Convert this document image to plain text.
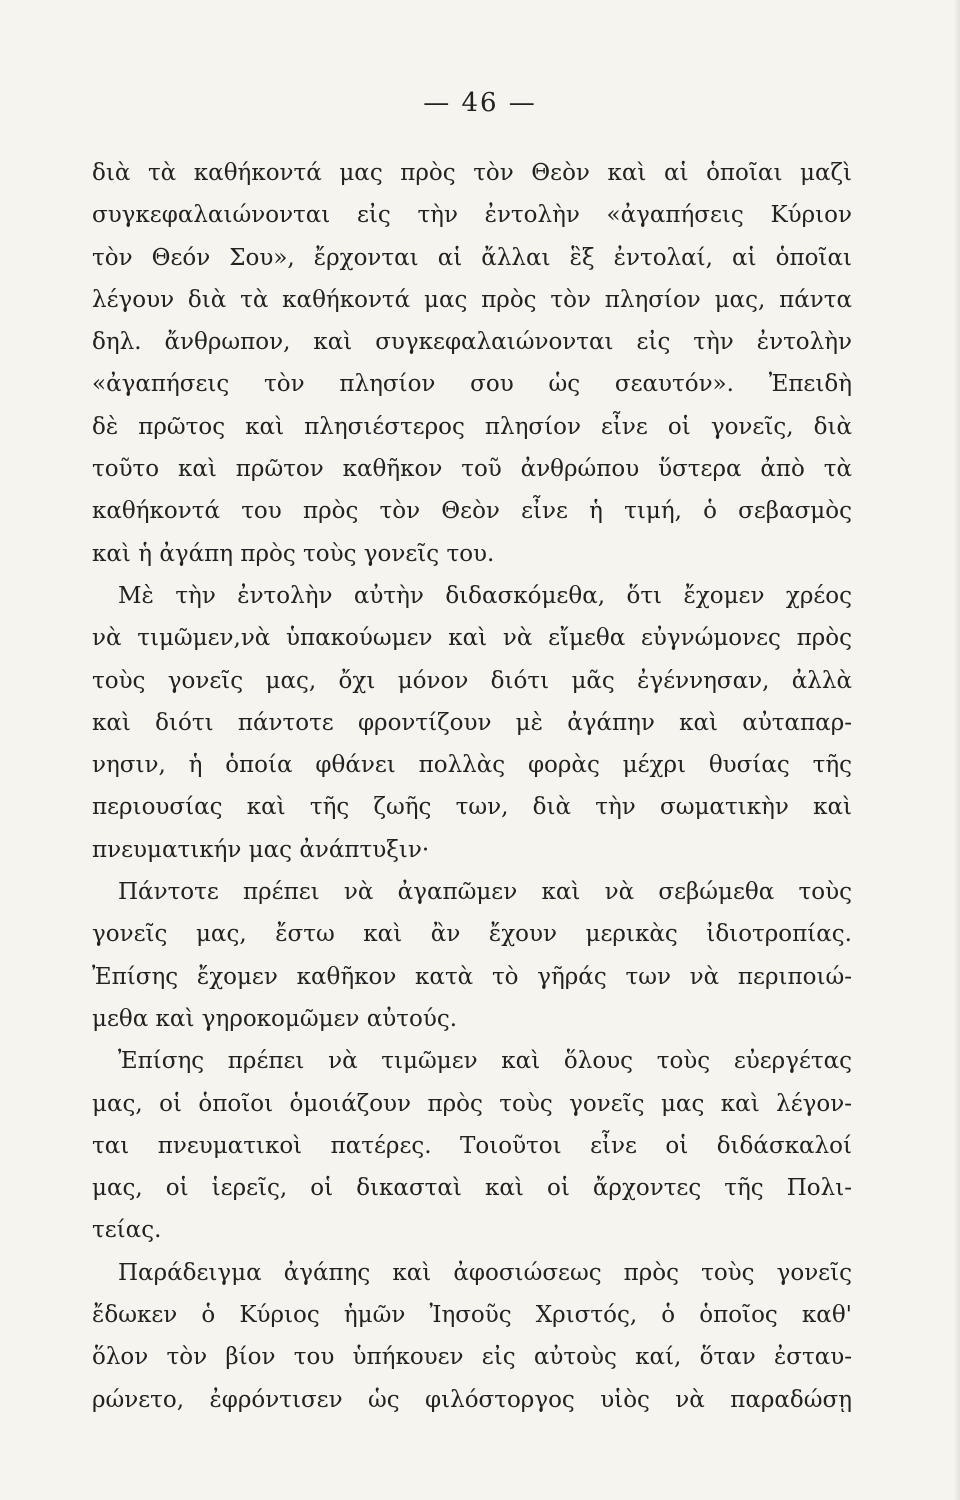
— 46 —
διὰ τὰ καθήκοντά μας πρὸς τὸν Θεὸν καὶ αἱ ὁποῖαι μαζὶ
συγκεφαλαιώνονται εἰς τὴν ἐντολὴν «ἀγαπήσεις Κύριον
τὸν Θεόν Σου», ἔρχονται αἱ ἄλλαι ἓξ ἐντολαί, αἱ ὁποῖαι
λέγουν διὰ τὰ καθήκοντά μας πρὸς τὸν πλησίον μας, πάντα
δηλ. ἄνθρωπον, καὶ συγκεφαλαιώνονται εἰς τὴν ἐντολὴν
«ἀγαπήσεις τὸν πλησίον σου ὡς σεαυτόν». Ἐπειδὴ
δὲ πρῶτος καὶ πλησιέστερος πλησίον εἶνε οἱ γονεῖς, διὰ
τοῦτο καὶ πρῶτον καθῆκον τοῦ ἀνθρώπου ὕστερα ἀπὸ τὰ
καθήκοντά του πρὸς τὸν Θεὸν εἶνε ἡ τιμή, ὁ σεβασμὸς
καὶ ἡ ἀγάπη πρὸς τοὺς γονεῖς του.
Μὲ τὴν ἐντολὴν αὐτὴν διδασκόμεθα, ὅτι ἔχομεν χρέος
νὰ τιμῶμεν,νὰ ὑπακούωμεν καὶ νὰ εἴμεθα εὐγνώμονες πρὸς
τοὺς γονεῖς μας, ὄχι μόνον διότι μᾶς ἐγέννησαν, ἀλλὰ
καὶ διότι πάντοτε φροντίζουν μὲ ἀγάπην καὶ αὐταπαρ-
νησιν, ἡ ὁποία φθάνει πολλὰς φορὰς μέχρι θυσίας τῆς
περιουσίας καὶ τῆς ζωῆς των, διὰ τὴν σωματικὴν καὶ
πνευματικήν μας ἀνάπτυξιν·
Πάντοτε πρέπει νὰ ἀγαπῶμεν καὶ νὰ σεβώμεθα τοὺς
γονεῖς μας, ἔστω καὶ ἂν ἔχουν μερικὰς ἰδιοτροπίας.
Ἐπίσης ἔχομεν καθῆκον κατὰ τὸ γῆράς των νὰ περιποιώ-
μεθα καὶ γηροκομῶμεν αὐτούς.
Ἐπίσης πρέπει νὰ τιμῶμεν καὶ ὅλους τοὺς εὐεργέτας
μας, οἱ ὁποῖοι ὁμοιάζουν πρὸς τοὺς γονεῖς μας καὶ λέγον-
ται πνευματικοὶ πατέρες. Τοιοῦτοι εἶνε οἱ διδάσκαλοί
μας, οἱ ἱερεῖς, οἱ δικασταὶ καὶ οἱ ἄρχοντες τῆς Πολι-
τείας.
Παράδειγμα ἀγάπης καὶ ἀφοσιώσεως πρὸς τοὺς γονεῖς
ἔδωκεν ὁ Κύριος ἡμῶν Ἰησοῦς Χριστός, ὁ ὁποῖος καθ'
ὅλον τὸν βίον του ὑπήκουεν εἰς αὐτοὺς καί, ὅταν ἐσταυ-
ρώνετο, ἐφρόντισεν ὡς φιλόστοργος υἱὸς νὰ παραδώσῃ
